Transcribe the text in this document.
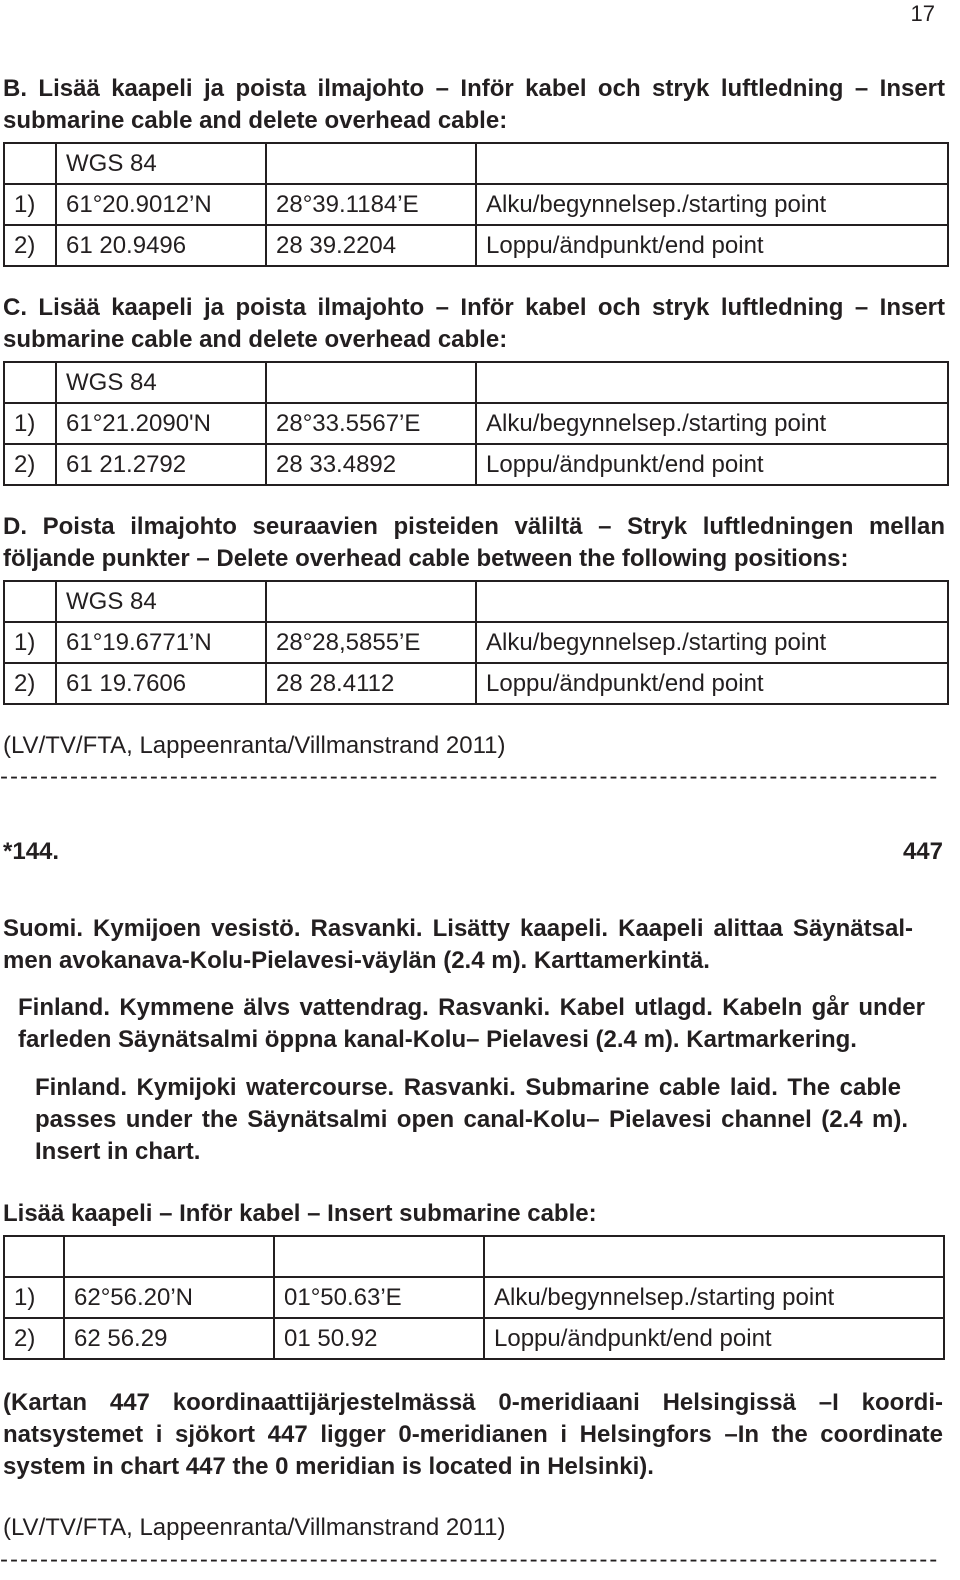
17
B. Lisää kaapeli ja poista ilmajohto – Inför kabel och stryk luftledning – Insert
submarine cable and delete overhead cable:
	WGS 84		
1)	61°20.9012’N	28°39.1184’E	Alku/begynnelsep./starting point
2)	61 20.9496	28 39.2204	Loppu/ändpunkt/end point
C. Lisää kaapeli ja poista ilmajohto – Inför kabel och stryk luftledning – Insert
submarine cable and delete overhead cable:
	WGS 84		
1)	61°21.2090'N	28°33.5567’E	Alku/begynnelsep./starting point
2)	61 21.2792	28 33.4892	Loppu/ändpunkt/end point
D. Poista ilmajohto seuraavien pisteiden väliltä – Stryk luftledningen mellan
följande punkter – Delete overhead cable between the following positions:
	WGS 84		
1)	61°19.6771’N	28°28,5855’E	Alku/begynnelsep./starting point
2)	61 19.7606	28 28.4112	Loppu/ändpunkt/end point
(LV/TV/FTA, Lappeenranta/Villmanstrand 2011)
----------------------------------------------------------------------------------------------
*144.	447
Suomi. Kymijoen vesistö. Rasvanki. Lisätty kaapeli. Kaapeli alittaa Säynätsal-
men avokanava-Kolu-Pielavesi-väylän (2.4 m). Karttamerkintä.
Finland. Kymmene älvs vattendrag. Rasvanki. Kabel utlagd. Kabeln går under
farleden Säynätsalmi öppna kanal-Kolu– Pielavesi (2.4 m). Kartmarkering.
Finland. Kymijoki watercourse. Rasvanki. Submarine cable laid. The cable
passes under the Säynätsalmi open canal-Kolu– Pielavesi channel (2.4 m).
Insert in chart.
Lisää kaapeli – Inför kabel – Insert submarine cable:

1)	62°56.20’N	01°50.63’E	Alku/begynnelsep./starting point
2)	62 56.29	01 50.92	Loppu/ändpunkt/end point
(Kartan 447 koordinaattijärjestelmässä 0-meridiaani Helsingissä –I koordi-
natsystemet i sjökort 447 ligger 0-meridianen i Helsingfors –In the coordinate
system in chart 447 the 0 meridian is located in Helsinki).
(LV/TV/FTA, Lappeenranta/Villmanstrand 2011)
----------------------------------------------------------------------------------------------
